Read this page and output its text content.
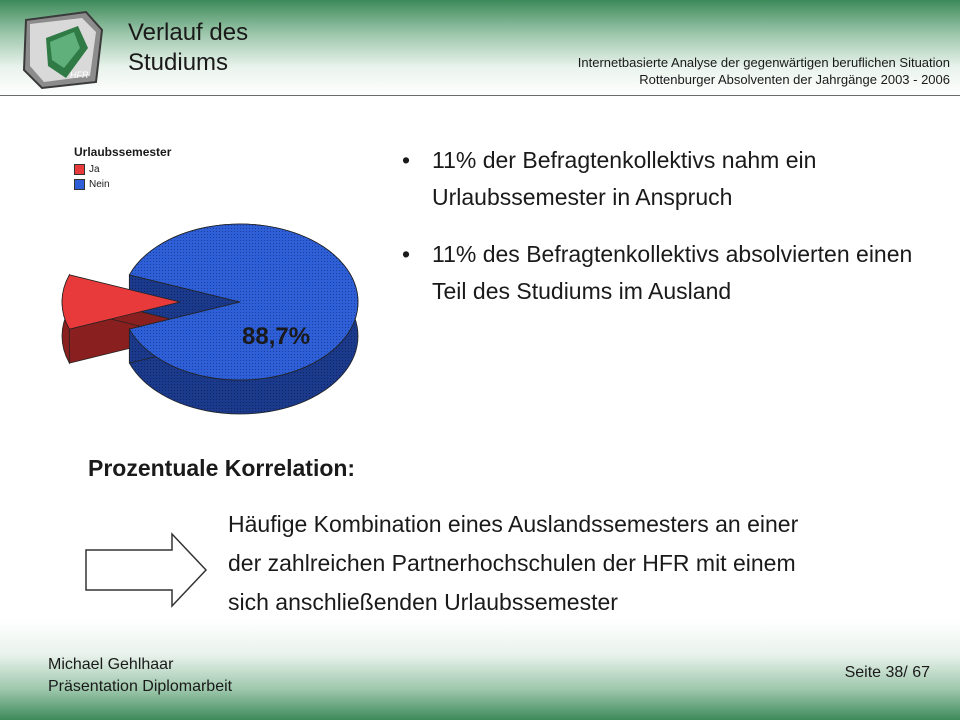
HFR
Verlauf des
Studiums	Internetbasierte Analyse der gegenwärtigen beruflichen Situation
Rottenburger Absolventen der Jahrgänge 2003 - 2006
Urlaubssemester
Ja
Nein
88,7%
• 11% der Befragtenkollektivs nahm ein Urlaubssemester in Anspruch
• 11% des Befragtenkollektivs absolvierten einen Teil des Studiums im Ausland
Prozentuale Korrelation:
Häufige Kombination eines Auslandssemesters an einer
der zahlreichen Partnerhochschulen der HFR mit einem
sich anschließenden Urlaubssemester
Michael Gehlhaar
Präsentation Diplomarbeit
Seite 38/ 67
